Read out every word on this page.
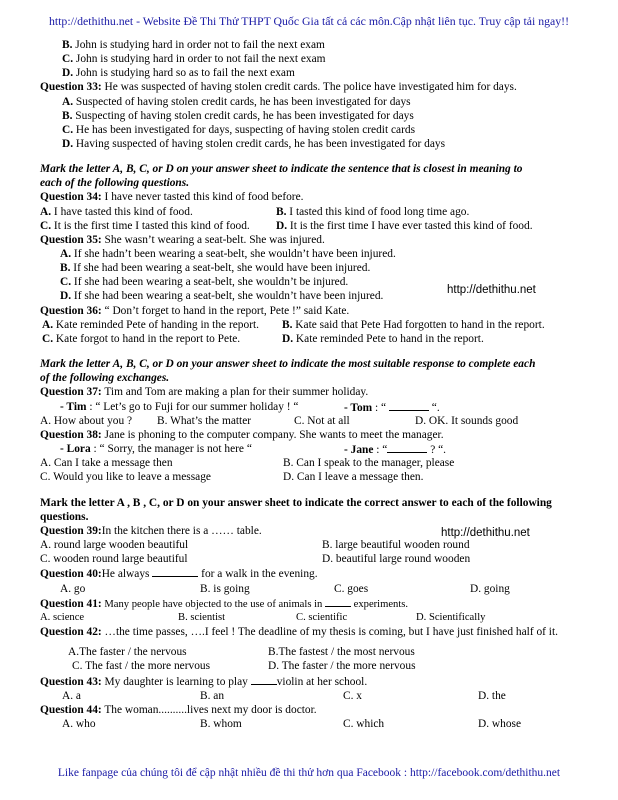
http://dethithu.net - Website Đề Thi Thử THPT Quốc Gia tất cả các môn.Cập nhật liên tục. Truy cập tải ngay!!
http://dethithu.net
http://dethithu.net
B. John is studying hard in order not to fail the next exam
C. John is studying hard in order to not fail the next exam
D. John is studying hard so as to fail the next exam
Question 33: He was suspected of having stolen credit cards. The police have investigated him for days.
A. Suspected of having stolen credit cards, he has been investigated for days
B. Suspecting of having stolen credit cards, he has been investigated for days
C. He has been investigated for days, suspecting of having stolen credit cards
D. Having suspected of having stolen credit cards, he has been investigated for days
Mark the letter A, B, C, or D on your answer sheet to indicate the sentence that is closest in meaning to
each of the following questions.
Question 34: I have never tasted this kind of food before.
A. I have tasted this kind of food.	B. I tasted this kind of food long time ago.
C. It is the first time I tasted this kind of food. D. It is the first time I have ever tasted this kind of food.
Question 35: She wasn’t wearing a seat-belt. She was injured.
A. If she hadn’t been wearing a seat-belt, she wouldn’t have been injured.
B. If she had been wearing a seat-belt, she would have been injured.
C. If she had been wearing a seat-belt, she wouldn’t be injured.
D. If she had been wearing a seat-belt, she wouldn’t have been injured.
Question 36: “ Don’t forget to hand in the report, Pete !” said Kate.
A. Kate reminded Pete of handing in the report. B. Kate said that Pete Had forgotten to hand in the report.
C. Kate forgot to hand in the report to Pete.	D. Kate reminded Pete to hand in the report.
Mark the letter A, B, C, or D on your answer sheet to indicate the most suitable response to complete each
of the following exchanges.
Question 37: Tim and Tom are making a plan for their summer holiday.
- Tim : “ Let’s go to Fuji for our summer holiday ! “	- Tom : “	“.
A. How about you ? B. What’s the matter	C. Not at all	D. OK. It sounds good
Question 38: Jane is phoning to the computer company. She wants to meet the manager.
- Lora : “ Sorry, the manager is not here “	- Jane : “	? “.
A. Can I take a message then	B. Can I speak to the manager, please
C. Would you like to leave a message	D. Can I leave a message then.
Mark the letter A , B , C, or D on your answer sheet to indicate the correct answer to each of the following
questions.
Question 39:In the kitchen there is a …… table.
A. round large wooden beautiful	B. large beautiful wooden round
C. wooden round large beautiful	D. beautiful large round wooden
Question 40:He always	for a walk in the evening.
A. go	B. is going	C. goes	D. going
Question 41: Many people have objected to the use of animals in  experiments.
A. science	B. scientist	C. scientific	D. Scientifically
Question 42: …the time passes, ….I feel ! The deadline of my thesis is coming, but I have just finished half of it.
A.The faster / the nervous	B.The fastest / the most nervous
C. The fast / the more nervous	D. The faster / the more nervous
Question 43: My daughter is learning to play violin at her school.
A. a	B. an	C. x	D. the
Question 44: The woman..........lives next my door is doctor.
A. who	B. whom	C. which	D. whose
Like fanpage của chúng tôi để cập nhật nhiều đề thi thử hơn qua Facebook : http://facebook.com/dethithu.net
